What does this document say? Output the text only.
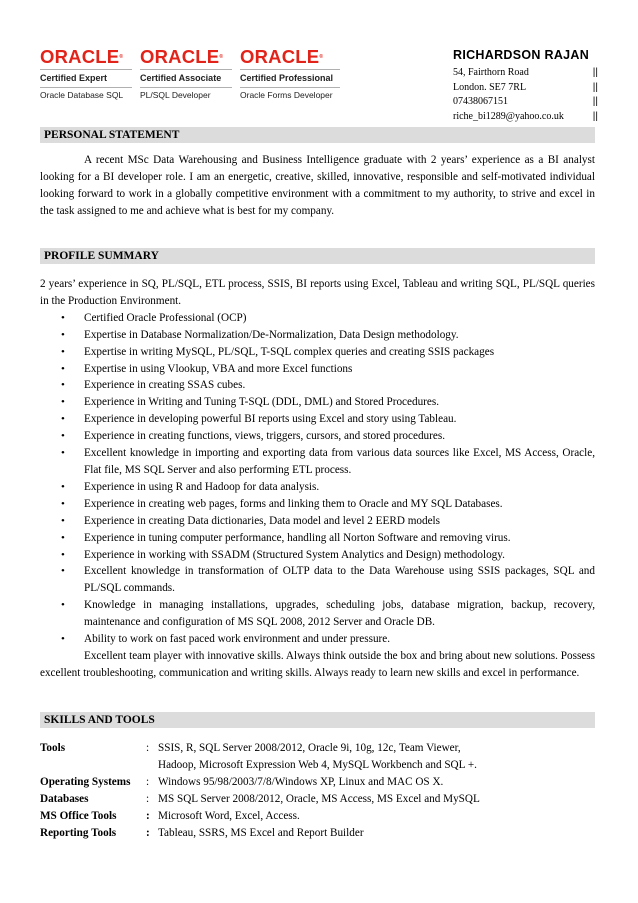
ORACLE®
Certified Expert
Oracle Database SQL
ORACLE®
Certified Associate
PL/SQL Developer
ORACLE®
Certified Professional
Oracle Forms Developer
RICHARDSON RAJAN
54, Fairthorn Road	||
London. SE7 7RL	||
07438067151	||
riche_bi1289@yahoo.co.uk	||
PERSONAL STATEMENT
A recent MSc Data Warehousing and Business Intelligence graduate with 2 years’ experience as a BI analyst looking for a BI developer role. I am an energetic, creative, skilled, innovative, responsible and self-motivated individual looking forward to work in a globally competitive environment with a commitment to my authority, to strive and excel in the task assigned to me and achieve what is best for my company.
PROFILE SUMMARY
2 years’ experience in SQ, PL/SQL, ETL process, SSIS, BI reports using Excel, Tableau and writing SQL, PL/SQL queries in the Production Environment.
• Certified Oracle Professional (OCP)
• Expertise in Database Normalization/De-Normalization, Data Design methodology.
• Expertise in writing MySQL, PL/SQL, T-SQL complex queries and creating SSIS packages
• Expertise in using Vlookup, VBA and more Excel functions
• Experience in creating SSAS cubes.
• Experience in Writing and Tuning T-SQL (DDL, DML) and Stored Procedures.
• Experience in developing powerful BI reports using Excel and story using Tableau.
• Experience in creating functions, views, triggers, cursors, and stored procedures.
• Excellent knowledge in importing and exporting data from various data sources like Excel, MS Access, Oracle, Flat file, MS SQL Server and also performing ETL process.
• Experience in using R and Hadoop for data analysis.
• Experience in creating web pages, forms and linking them to Oracle and MY SQL Databases.
• Experience in creating Data dictionaries, Data model and level 2 EERD models
• Experience in tuning computer performance, handling all Norton Software and removing virus.
• Experience in working with SSADM (Structured System Analytics and Design) methodology.
• Excellent knowledge in transformation of OLTP data to the Data Warehouse using SSIS packages, SQL and PL/SQL commands.
• Knowledge in managing installations, upgrades, scheduling jobs, database migration, backup, recovery, maintenance and configuration of MS SQL 2008, 2012 Server and Oracle DB.
• Ability to work on fast paced work environment and under pressure.
Excellent team player with innovative skills. Always think outside the box and bring about new solutions. Possess excellent troubleshooting, communication and writing skills. Always ready to learn new skills and excel in performance.
SKILLS AND TOOLS
Tools	:	SSIS, R, SQL Server 2008/2012, Oracle 9i, 10g, 12c, Team Viewer,
		Hadoop, Microsoft Expression Web 4, MySQL Workbench and SQL +.
Operating Systems	:	Windows 95/98/2003/7/8/Windows XP, Linux and MAC OS X.
Databases	:	MS SQL Server 2008/2012, Oracle, MS Access, MS Excel and MySQL
MS Office Tools	:	Microsoft Word, Excel, Access.
Reporting Tools	:	Tableau, SSRS, MS Excel and Report Builder
